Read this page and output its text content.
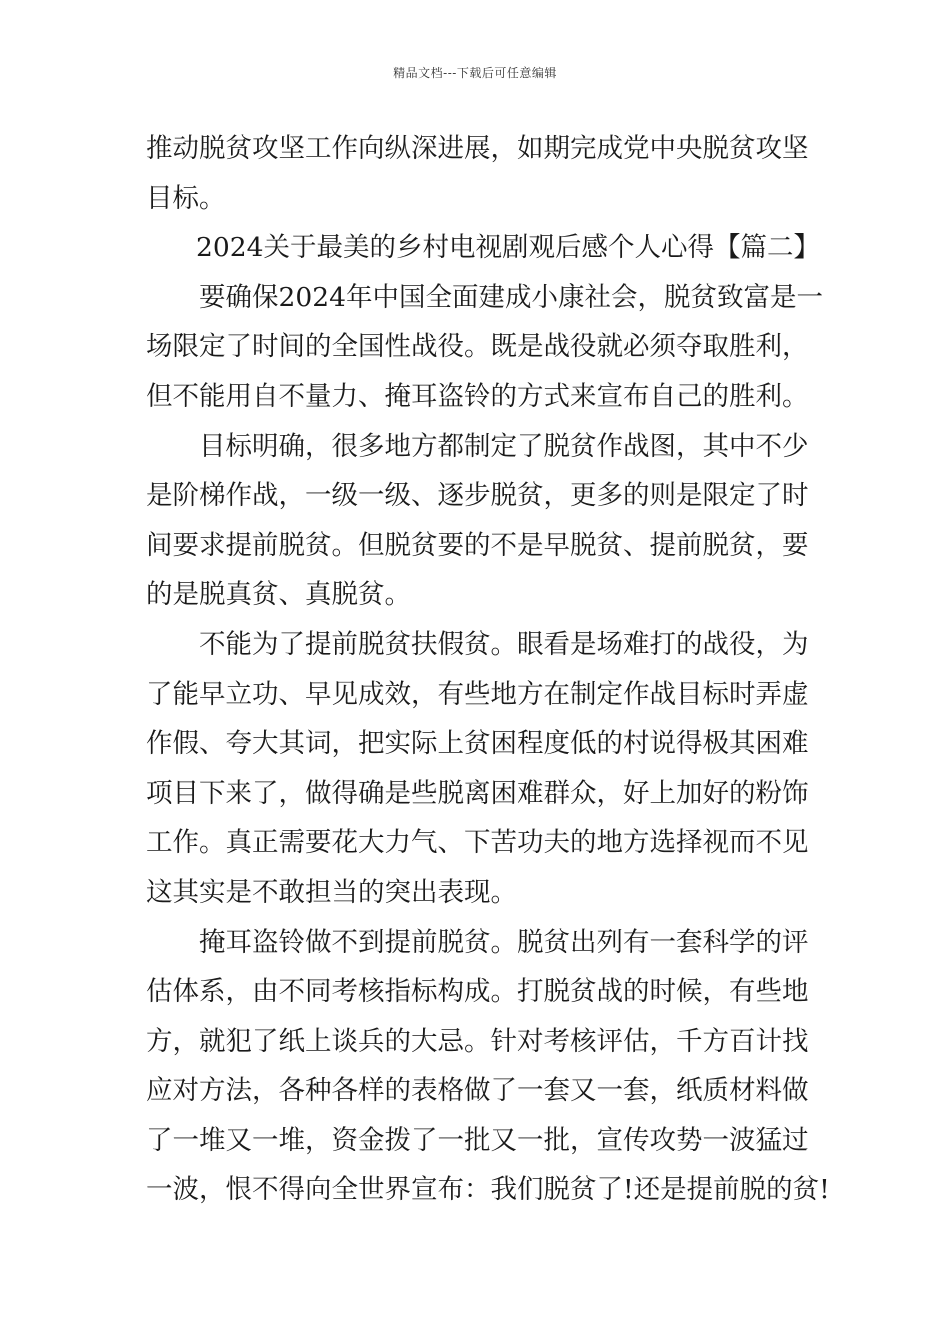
精品文档---下载后可任意编辑
推动脱贫攻坚工作向纵深进展，如期完成党中央脱贫攻坚
目标。
2024关于最美的乡村电视剧观后感个人心得【篇二】
要确保2024年中国全面建成小康社会，脱贫致富是一
场限定了时间的全国性战役。既是战役就必须夺取胜利，
但不能用自不量力、掩耳盗铃的方式来宣布自己的胜利。
目标明确，很多地方都制定了脱贫作战图，其中不少
是阶梯作战，一级一级、逐步脱贫，更多的则是限定了时
间要求提前脱贫。但脱贫要的不是早脱贫、提前脱贫，要
的是脱真贫、真脱贫。
不能为了提前脱贫扶假贫。眼看是场难打的战役，为
了能早立功、早见成效，有些地方在制定作战目标时弄虚
作假、夸大其词，把实际上贫困程度低的村说得极其困难
项目下来了，做得确是些脱离困难群众，好上加好的粉饰
工作。真正需要花大力气、下苦功夫的地方选择视而不见
这其实是不敢担当的突出表现。
掩耳盗铃做不到提前脱贫。脱贫出列有一套科学的评
估体系，由不同考核指标构成。打脱贫战的时候，有些地
方，就犯了纸上谈兵的大忌。针对考核评估，千方百计找
应对方法，各种各样的表格做了一套又一套，纸质材料做
了一堆又一堆，资金拨了一批又一批，宣传攻势一波猛过
一波，恨不得向全世界宣布：我们脱贫了!还是提前脱的贫!
